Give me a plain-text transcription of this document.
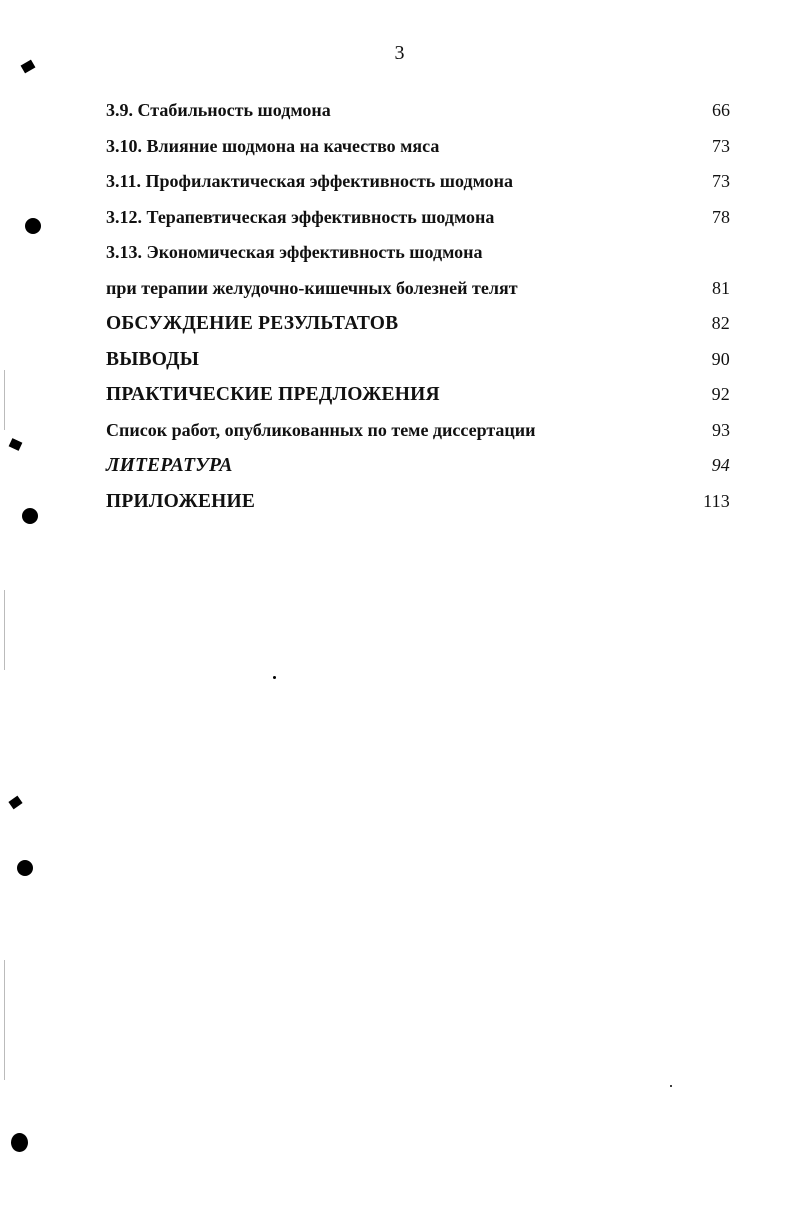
3
3.9. Стабильность шодмона	66
3.10. Влияние шодмона на качество мяса	73
3.11. Профилактическая эффективность шодмона	73
3.12. Терапевтическая эффективность шодмона	78
3.13. Экономическая эффективность шодмона
при терапии желудочно-кишечных болезней телят	81
ОБСУЖДЕНИЕ РЕЗУЛЬТАТОВ	82
ВЫВОДЫ	90
ПРАКТИЧЕСКИЕ ПРЕДЛОЖЕНИЯ	92
Список работ, опубликованных по теме диссертации	93
ЛИТЕРАТУРА	94
ПРИЛОЖЕНИЕ	113
